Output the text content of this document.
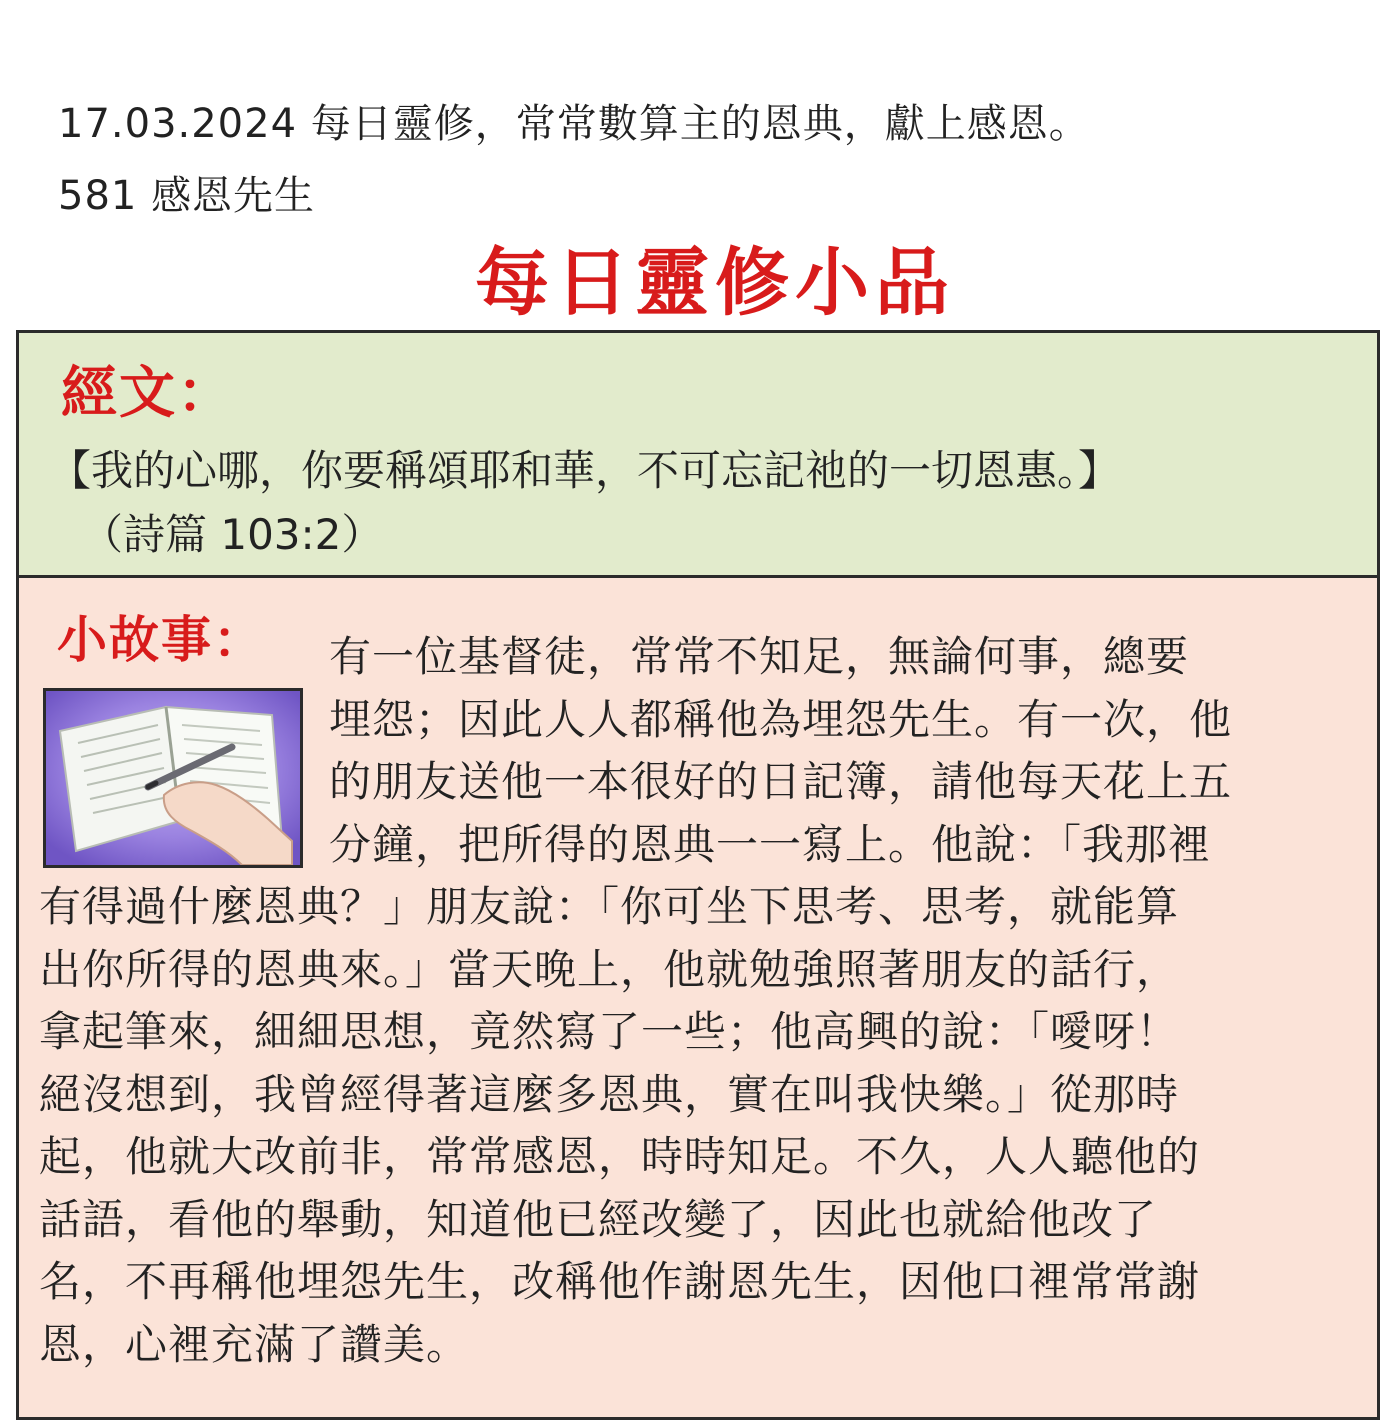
17.03.2024 每日靈修，常常數算主的恩典，獻上感恩。
581 感恩先生
每日靈修小品
經文：
【我的心哪，你要稱頌耶和華，不可忘記祂的一切恩惠。】
（詩篇 103:2）
小故事：	有一位基督徒，常常不知足，無論何事，總要
埋怨；因此人人都稱他為埋怨先生。有一次，他
的朋友送他一本很好的日記簿，請他每天花上五
分鐘，把所得的恩典一一寫上。他說：「我那裡
有得過什麼恩典？」朋友說：「你可坐下思考、思考，就能算
出你所得的恩典來。」當天晚上，他就勉強照著朋友的話行，
拿起筆來，細細思想，竟然寫了一些；他高興的說：「噯呀！
絕沒想到，我曾經得著這麼多恩典，實在叫我快樂。」從那時
起，他就大改前非，常常感恩，時時知足。不久，人人聽他的
話語，看他的舉動，知道他已經改變了，因此也就給他改了
名，不再稱他埋怨先生，改稱他作謝恩先生，因他口裡常常謝
恩，心裡充滿了讚美。
